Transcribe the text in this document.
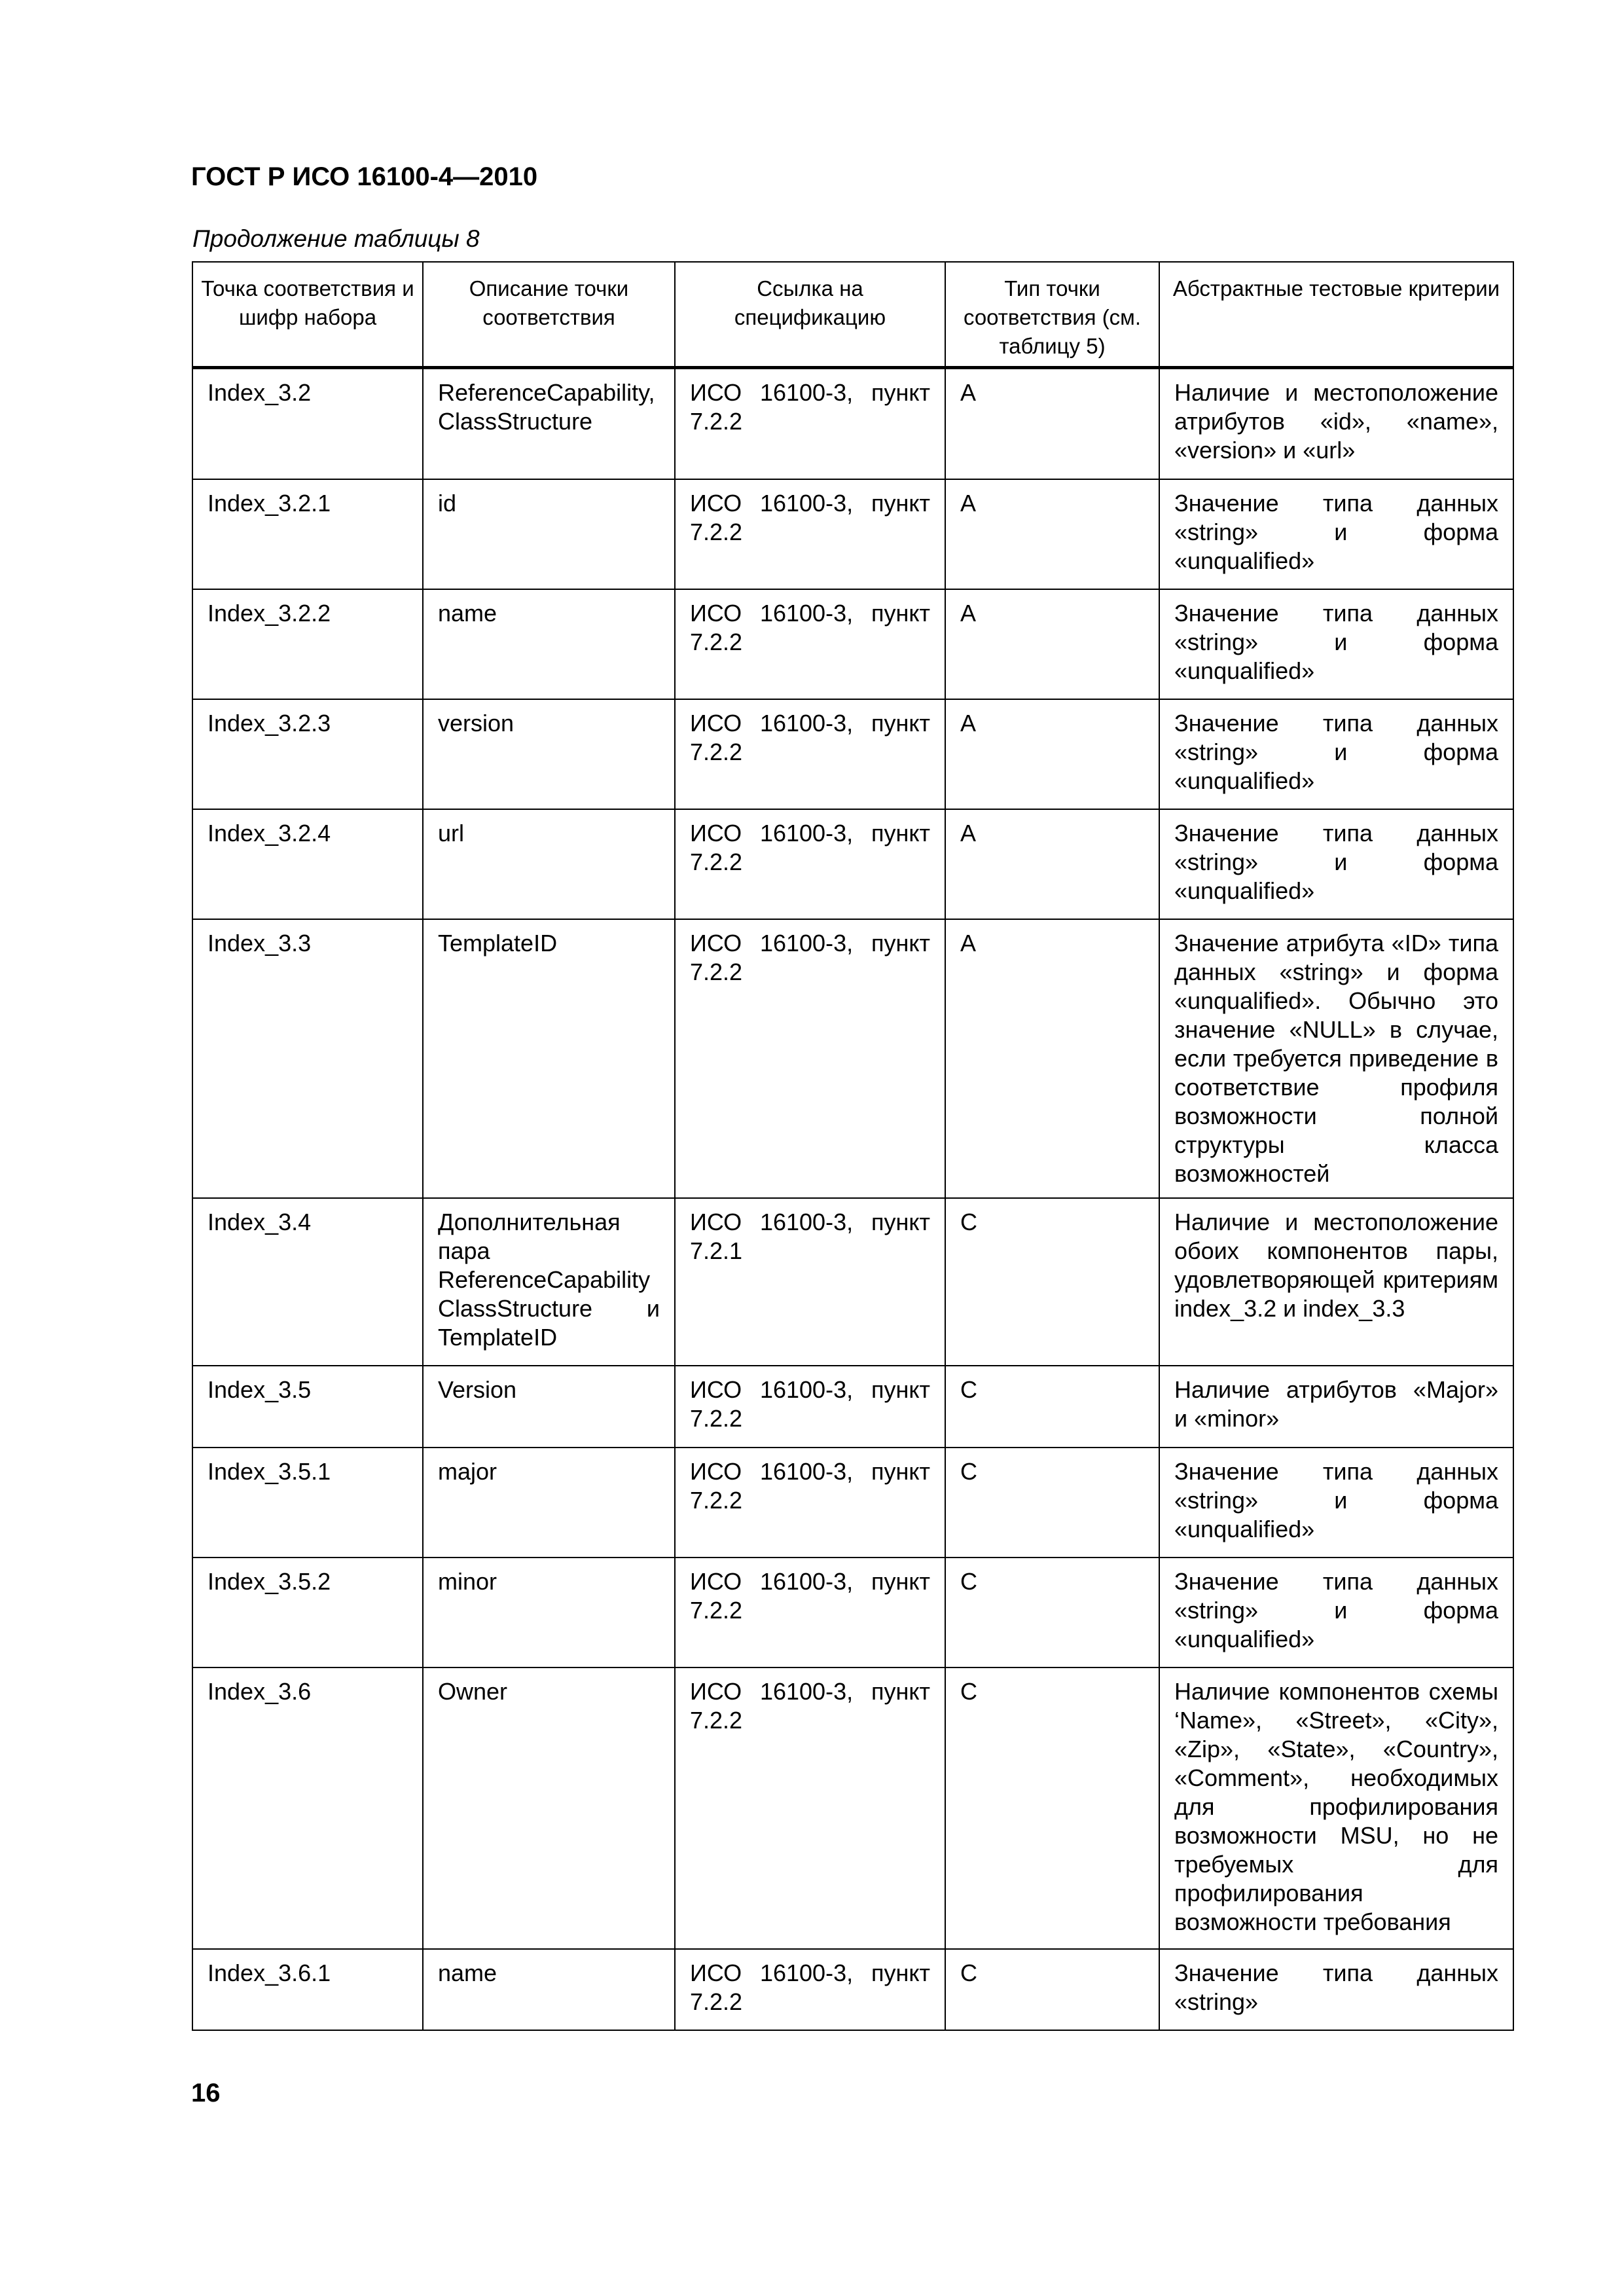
ГОСТ Р ИСО 16100-4—2010
Продолжение таблицы 8
Точка соответствия и шифр набора	Описание точки соответствия	Ссылка на спецификацию	Тип точки соответствия (см. таблицу 5)	Абстрактные тестовые критерии
Index_3.2	ReferenceCapability, ClassStructure	ИСО 16100-3, пункт 7.2.2	A	Наличие и местоположение атрибутов «id», «name», «version» и «url»
Index_3.2.1	id	ИСО 16100-3, пункт 7.2.2	A	Значение типа данных «string» и форма «unqualified»
Index_3.2.2	name	ИСО 16100-3, пункт 7.2.2	A	Значение типа данных «string» и форма «unqualified»
Index_3.2.3	version	ИСО 16100-3, пункт 7.2.2	A	Значение типа данных «string» и форма «unqualified»
Index_3.2.4	url	ИСО 16100-3, пункт 7.2.2	A	Значение типа данных «string» и форма «unqualified»
Index_3.3	TemplateID	ИСО 16100-3, пункт 7.2.2	A	Значение атрибута «ID» типа данных «string» и форма «unqualified». Обычно это значение «NULL» в случае, если требуется приведение в соответствие профиля возможности полной структуры класса возможностей
Index_3.4	Дополнительная пара ReferenceCapabilityClassStructure и TemplateID	ИСО 16100-3, пункт 7.2.1	C	Наличие и местоположение обоих компонентов пары, удовлетворяющей критериям index_3.2 и index_3.3
Index_3.5	Version	ИСО 16100-3, пункт 7.2.2	C	Наличие атрибутов «Major» и «minor»
Index_3.5.1	major	ИСО 16100-3, пункт 7.2.2	C	Значение типа данных «string» и форма «unqualified»
Index_3.5.2	minor	ИСО 16100-3, пункт 7.2.2	C	Значение типа данных «string» и форма «unqualified»
Index_3.6	Owner	ИСО 16100-3, пункт 7.2.2	C	Наличие компонентов схемы ‘Name», «Street», «City», «Zip», «State», «Country», «Comment», необходимых для профилирования возможности MSU, но не требуемых для профилирования возможности требования
Index_3.6.1	name	ИСО 16100-3, пункт 7.2.2	C	Значение типа данных «string»
16
